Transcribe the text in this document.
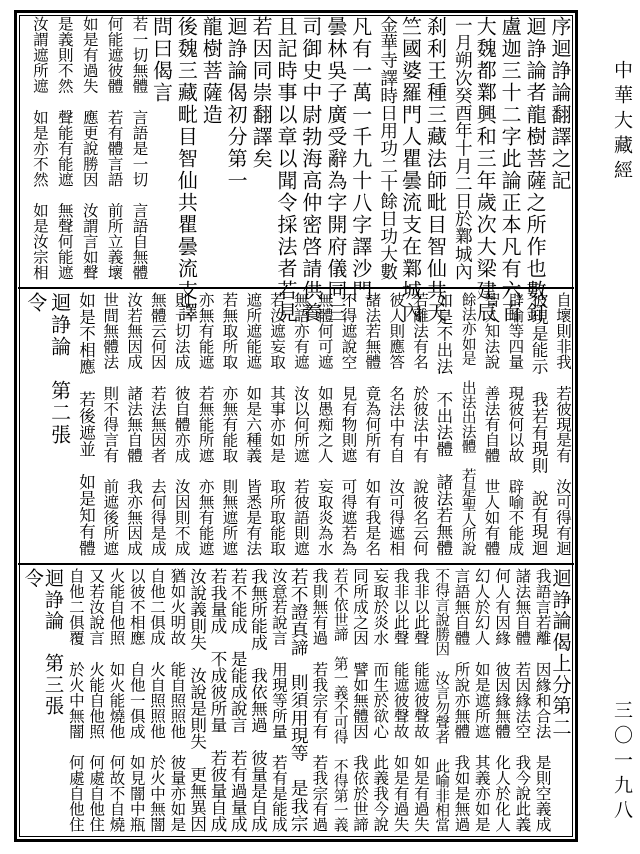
中華大藏經
三〇一九八
序迴諍論翻譯之記
迴諍論者龍樹菩薩之所作也數釘
盧迦三十二字此論正本凡有六百
大魏都鄴興和三年歲次大梁建辰
一月朔次癸酉年十月二日於鄴城內
刹利王種三藏法師毗目智仙共天
竺國婆羅門人瞿曇流支在鄴城內
金華寺譯時日用功二十餘日功大數
凡有一萬一千九十八字譯沙門
曇林吳子廣受辭為字開府儀同三
司御史中尉勃海高仲密啓請供養
且記時事以章以聞令採法者若見
若因同崇翻譯矣
迴諍論偈初分第一
龍樹菩薩造
後魏三藏毗目智仙共瞿曇流支譯
問曰偈言
若一切無體　言語是一切　言語自無體
何能遮彼體　若有體言語　前所立義壞
如是有過失　應更說勝因　汝謂言如聲
是義則不然　聲能有能遮　無聲何能遮
汝謂遮所遮　如是亦不然　如是汝宗相
自壞則非我　若彼現是有　汝可得有迴
彼現是能示　我若有現則　說有現迴
辟喻等四量　現彼何以故　辟喻不能成
智人知法說　善法有自體　世人如有體
餘法亦如是　出法出法體　若是聖人所說
如是不出法　不出法體　諸法若無體
若離法有名　於彼法中有　說彼名云何
彼人則應答　名法中有自　汝可得遮相
諸法若無體　竟為何所有　如有我是名
不得遮說空　見有物則遮　可得遮若為
無體何可遮　如愚痴之人　妄取炎為水
無語亦有遮　汝以何所遮　若彼語則遮
若汝遮妄取　其事亦如是　取所取能取
遮所遮能遮　如是六種義　皆悉是有法
若無取所取　亦無有能取　則無遮所遮
亦無有能遮　若無能所遮　亦無有能遮
則一切法成　彼自體亦成　汝因則不成
無體云何因　若法無因者　去何得是成
汝若無因成　諸法無自體　我亦無因成
世間無體法　則不得言有　前遮後所遮
如是不相應　若後遮並　如是知有體
迴諍論　第二張
令
迴諍論偈上分第二
我語言若離　因緣和合法　是則空義成
諸法無自體　若因緣法空　我今說此義
何人有因緣　彼因緣無體　化人於化人
幻人於幻人　如是遮所遮　其義亦如是
言語無自體　所說亦無體　我如是無過
不得言說勝因　汝言勿聲者　此喻非相當
我非以此聲　能遮彼聲故　如是有過失
我非以此聲　能遮彼聲故　如是有過失
妄取於炎水　而生於欲心　此義我今說
同所成之因　譬如無體因　我依於世諦
若不依世諦　第一義不可得　不得第一義
我則無有過　若我宗有有　若我宗有過
若不證真諦　則須用現等　是我宗
汝意若說言　用現等所量　若有是能成
我無所能成　我依無過　彼量是自成
若不能成　是能成說言　若有過量成
若我量成　不成彼所量　若彼量自成
汝說義則失　汝說是則失　更無異因
猶如火明故　能自照照他　彼量亦如是
自他二俱成　火自照照他　於火中無闇
以彼不相應　自他一俱成　如見闇中瓶
火能自他照　如火能燒他　何故不自燒
又若汝說言　火能自他照　何處自他住
自他二俱覆　於火中無闇　何處自他住
迴諍論　第三張
令
